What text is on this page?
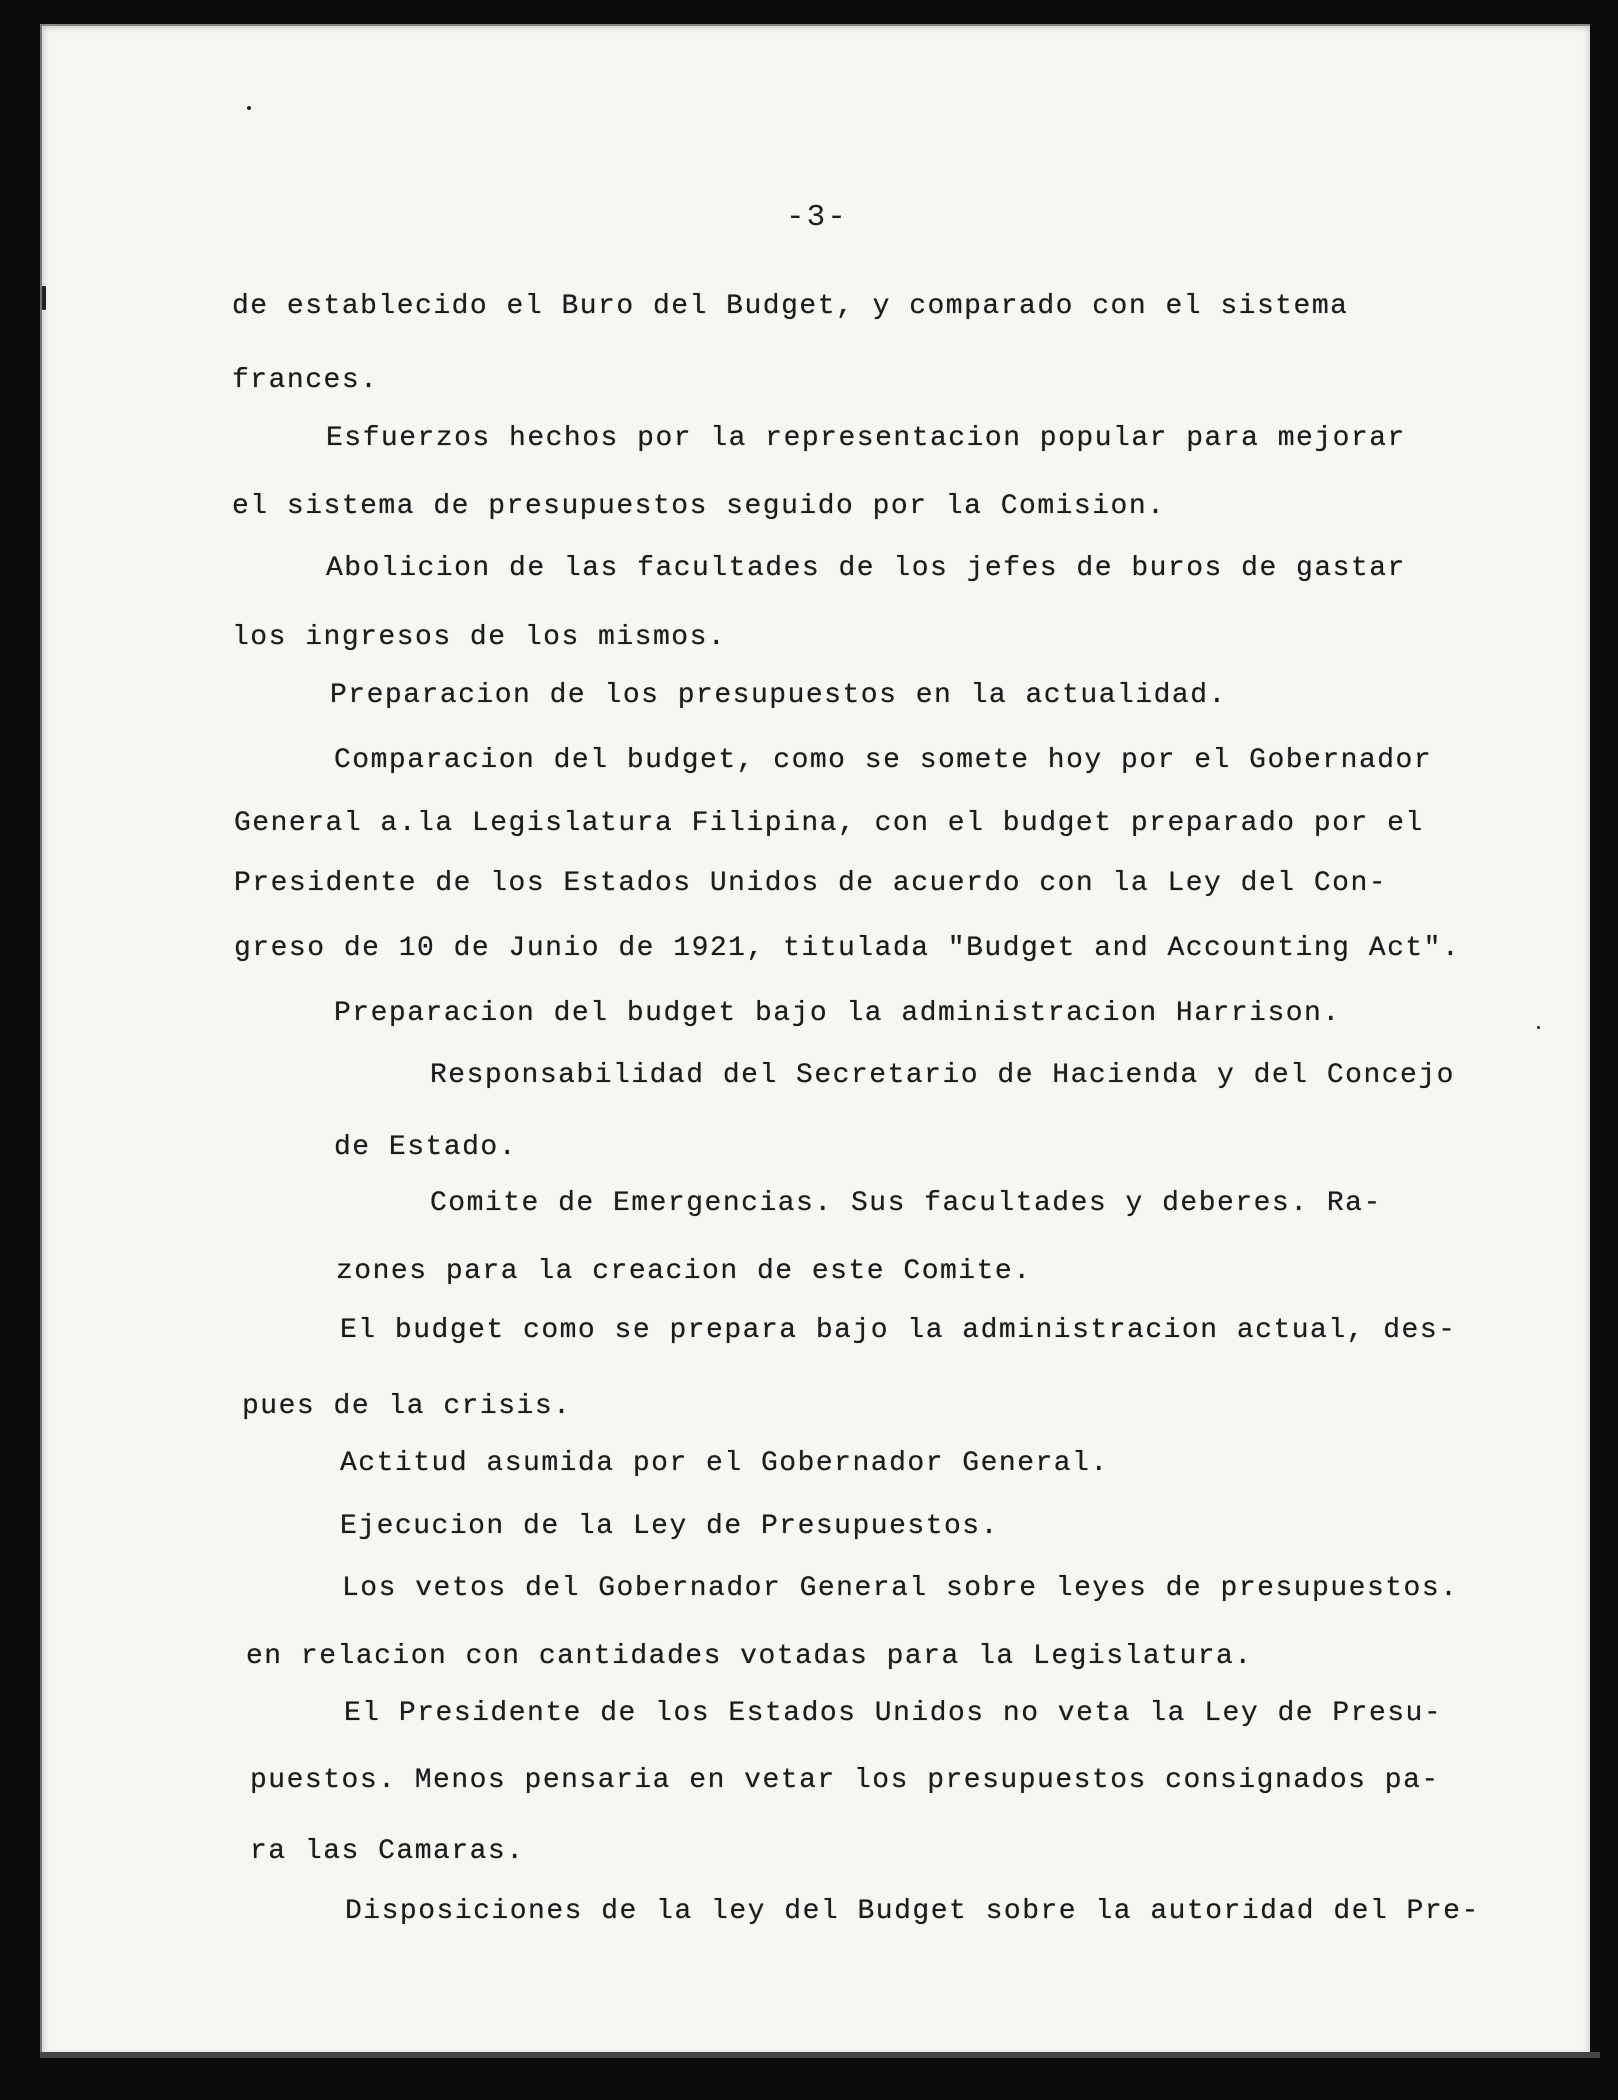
-3-
de establecido el Buro del Budget, y comparado con el sistema
frances.
Esfuerzos hechos por la representacion popular para mejorar
el sistema de presupuestos seguido por la Comision.
Abolicion de las facultades de los jefes de buros de gastar
los ingresos de los mismos.
Preparacion de los presupuestos en la actualidad.
Comparacion del budget, como se somete hoy por el Gobernador
General a.la Legislatura Filipina, con el budget preparado por el
Presidente de los Estados Unidos de acuerdo con la Ley del Con-
greso de 10 de Junio de 1921, titulada "Budget and Accounting Act".
Preparacion del budget bajo la administracion Harrison.
Responsabilidad del Secretario de Hacienda y del Concejo
de Estado.
Comite de Emergencias. Sus facultades y deberes. Ra-
zones para la creacion de este Comite.
El budget como se prepara bajo la administracion actual, des-
pues de la crisis.
Actitud asumida por el Gobernador General.
Ejecucion de la Ley de Presupuestos.
Los vetos del Gobernador General sobre leyes de presupuestos.
en relacion con cantidades votadas para la Legislatura.
El Presidente de los Estados Unidos no veta la Ley de Presu-
puestos. Menos pensaria en vetar los presupuestos consignados pa-
ra las Camaras.
Disposiciones de la ley del Budget sobre la autoridad del Pre-
